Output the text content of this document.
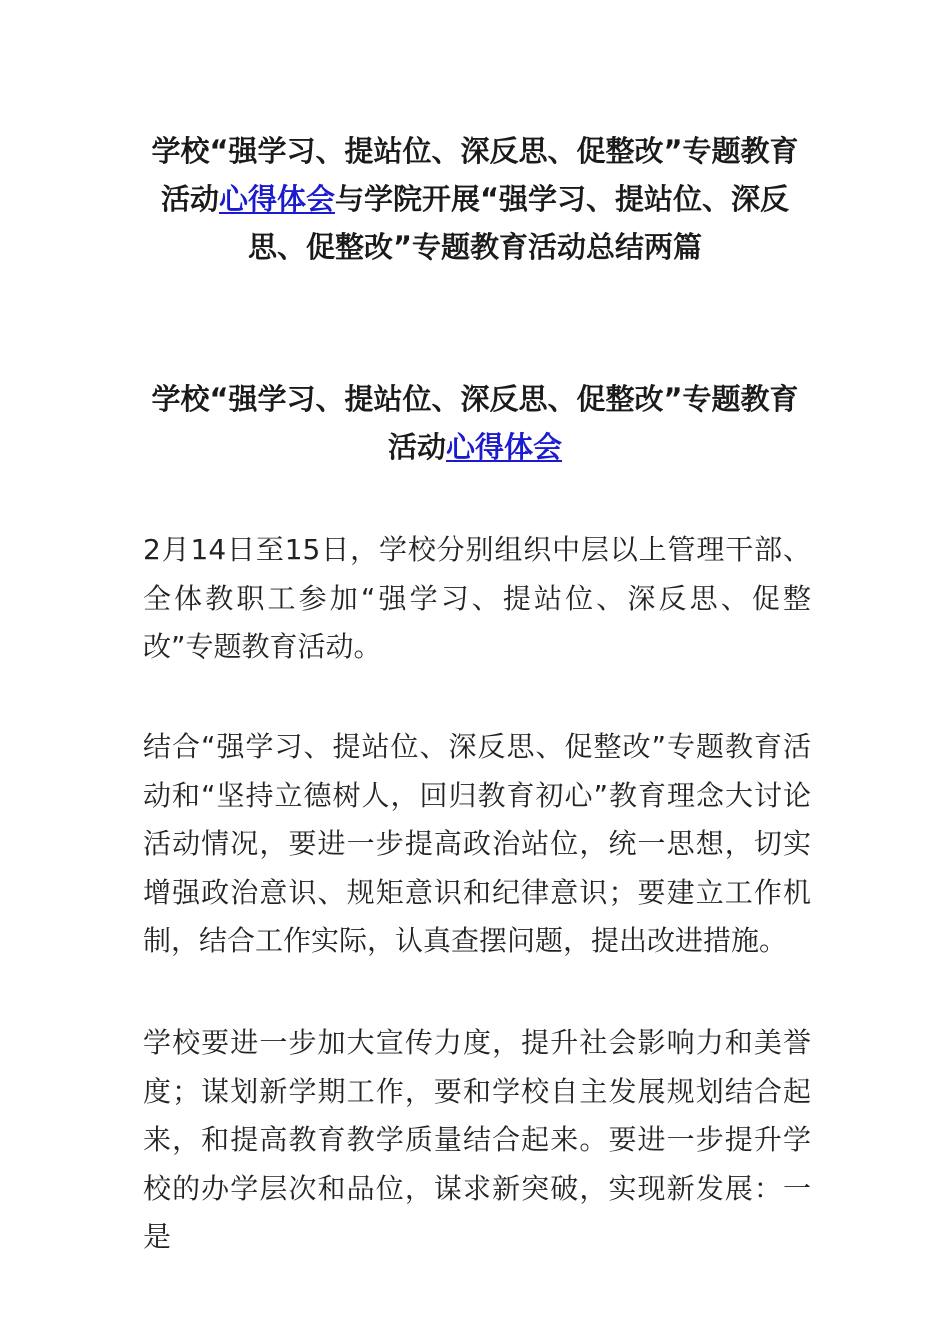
学校“强学习、提站位、深反思、促整改”专题教育活动心得体会与学院开展“强学习、提站位、深反思、促整改”专题教育活动总结两篇
学校“强学习、提站位、深反思、促整改”专题教育活动心得体会

2月14日至15日，学校分别组织中层以上管理干部、全体教职工参加“强学习、提站位、深反思、促整改”专题教育活动。

结合“强学习、提站位、深反思、促整改”专题教育活动和“坚持立德树人，回归教育初心”教育理念大讨论活动情况，要进一步提高政治站位，统一思想，切实增强政治意识、规矩意识和纪律意识；要建立工作机制，结合工作实际，认真查摆问题，提出改进措施。

学校要进一步加大宣传力度，提升社会影响力和美誉度；谋划新学期工作，要和学校自主发展规划结合起来，和提高教育教学质量结合起来。要进一步提升学校的办学层次和品位，谋求新突破，实现新发展：一是
